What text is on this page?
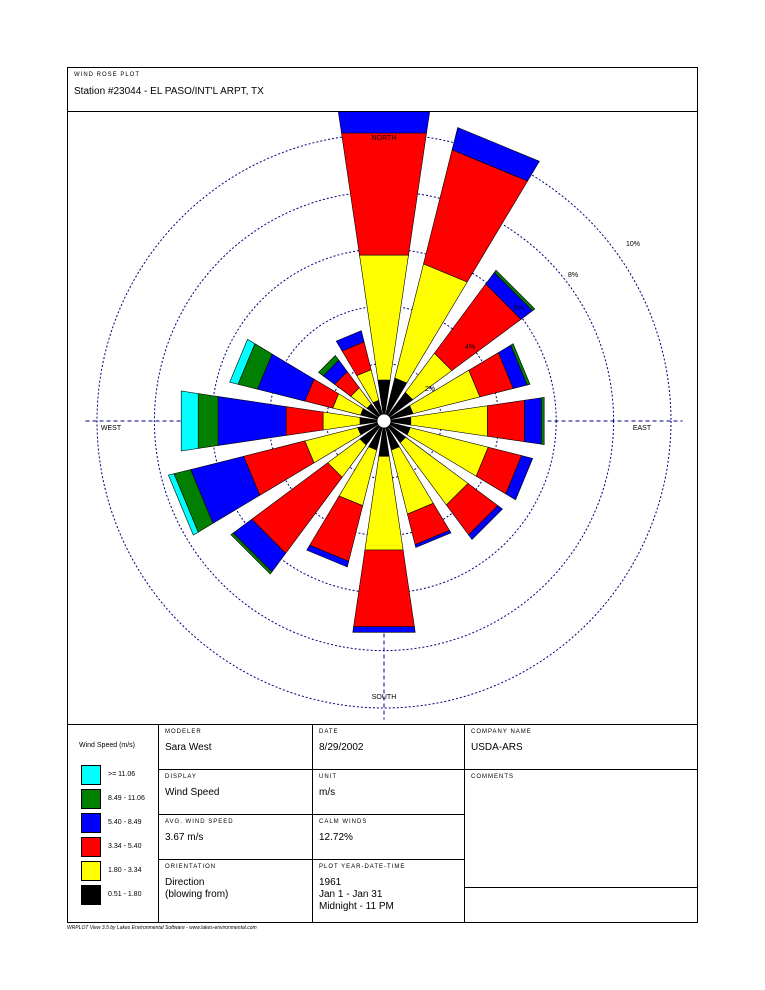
WIND ROSE PLOT
Station #23044 - EL PASO/INT'L ARPT, TX
NORTH
SOUTH
EAST
WEST
2%
4%
6%
8%
10%
Wind Speed (m/s)
>= 11.06
8.49 - 11.06
5.40 - 8.49
3.34 - 5.40
1.80 - 3.34
0.51 - 1.80
MODELER
Sara West
DISPLAY
Wind Speed
AVG. WIND SPEED
3.67 m/s
ORIENTATION
Direction
(blowing from)
DATE
8/29/2002
UNIT
m/s
CALM WINDS
12.72%
PLOT YEAR-DATE-TIME
1961
Jan 1 - Jan 31
Midnight - 11 PM
COMPANY NAME
USDA-ARS
COMMENTS
WRPLOT View 3.5 by Lakes Environmental Software - www.lakes-environmental.com
